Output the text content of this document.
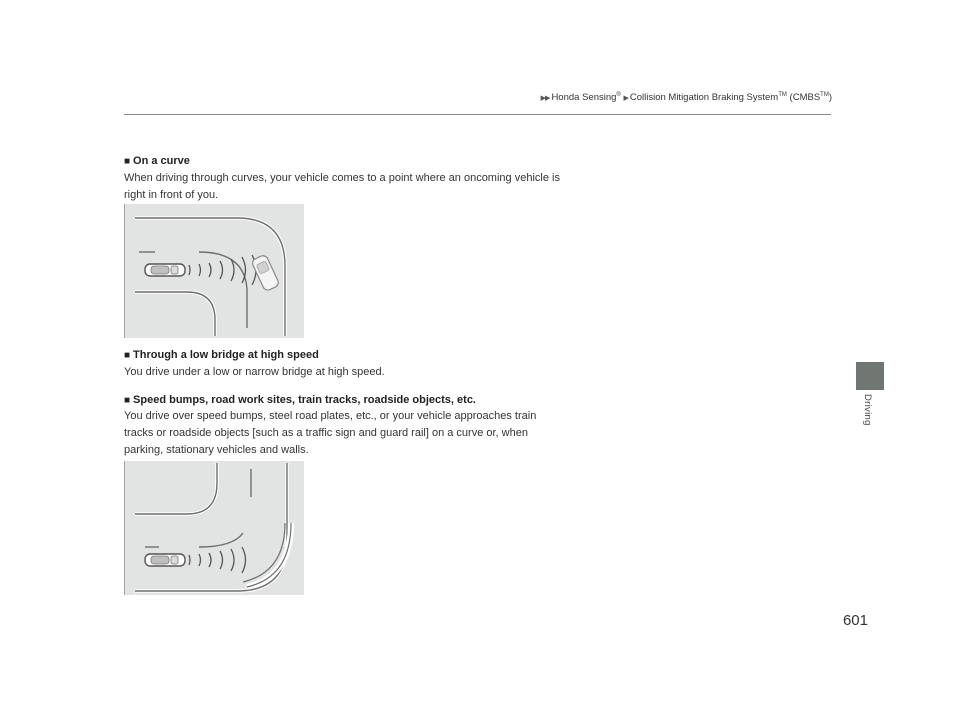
▶▶ Honda Sensing® ▶ Collision Mitigation Braking System™ (CMBS™)
Driving
■ On a curve
When driving through curves, your vehicle comes to a point where an oncoming vehicle is right in front of you.
■ Through a low bridge at high speed
You drive under a low or narrow bridge at high speed.
■ Speed bumps, road work sites, train tracks, roadside objects, etc.
You drive over speed bumps, steel road plates, etc., or your vehicle approaches train tracks or roadside objects [such as a traffic sign and guard rail] on a curve or, when parking, stationary vehicles and walls.
601
